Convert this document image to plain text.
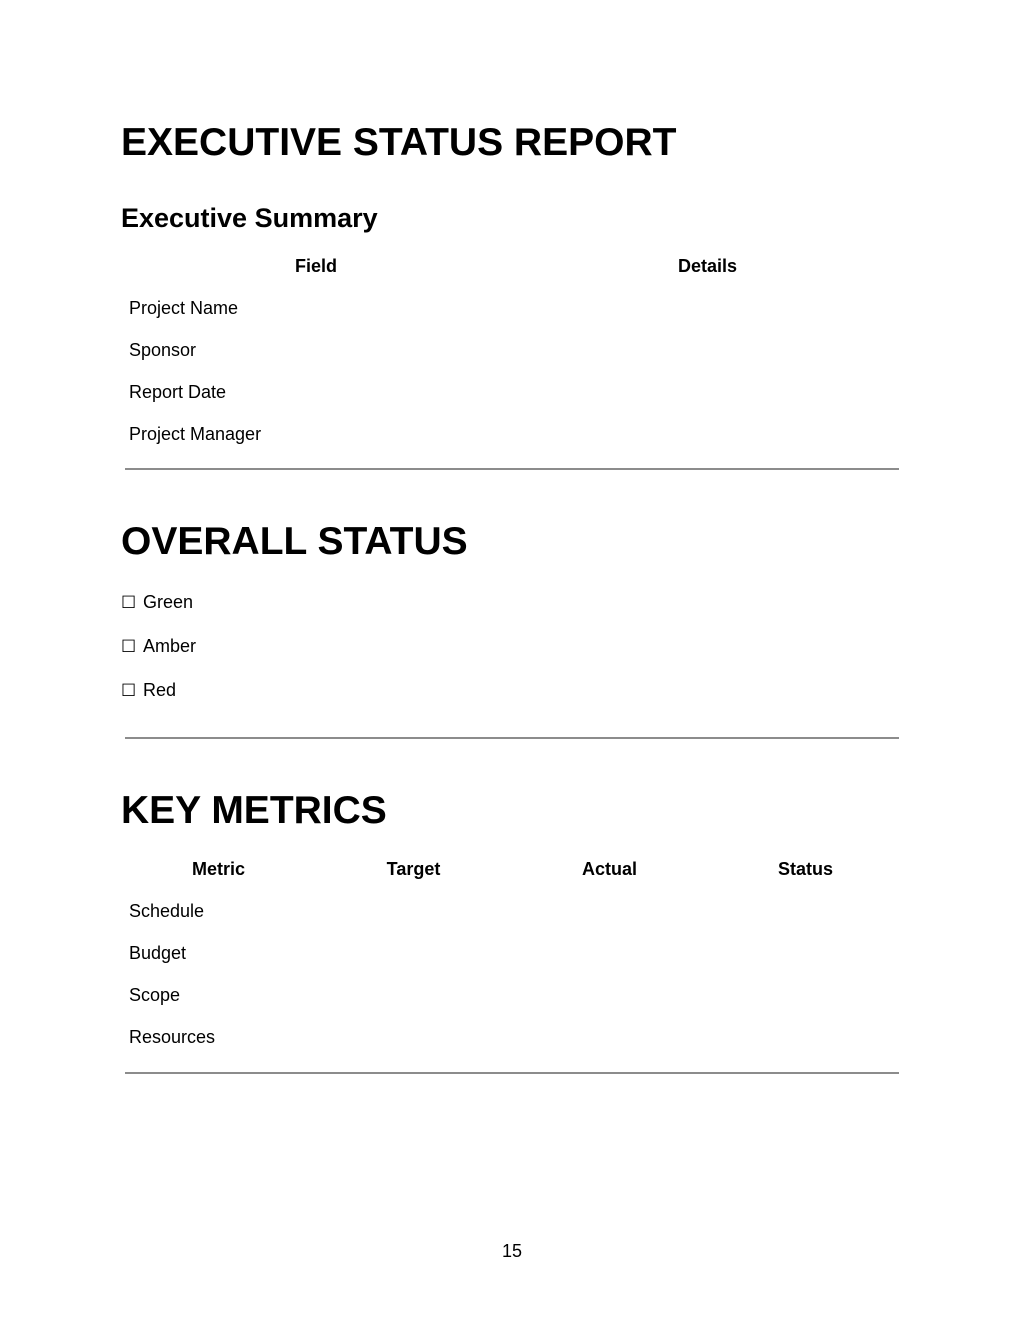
EXECUTIVE STATUS REPORT
Executive Summary
Field	Details
Project Name
Sponsor
Report Date
Project Manager
OVERALL STATUS
☐ Green
☐ Amber
☐ Red
KEY METRICS
Metric	Target	Actual	Status
Schedule
Budget
Scope
Resources
15
